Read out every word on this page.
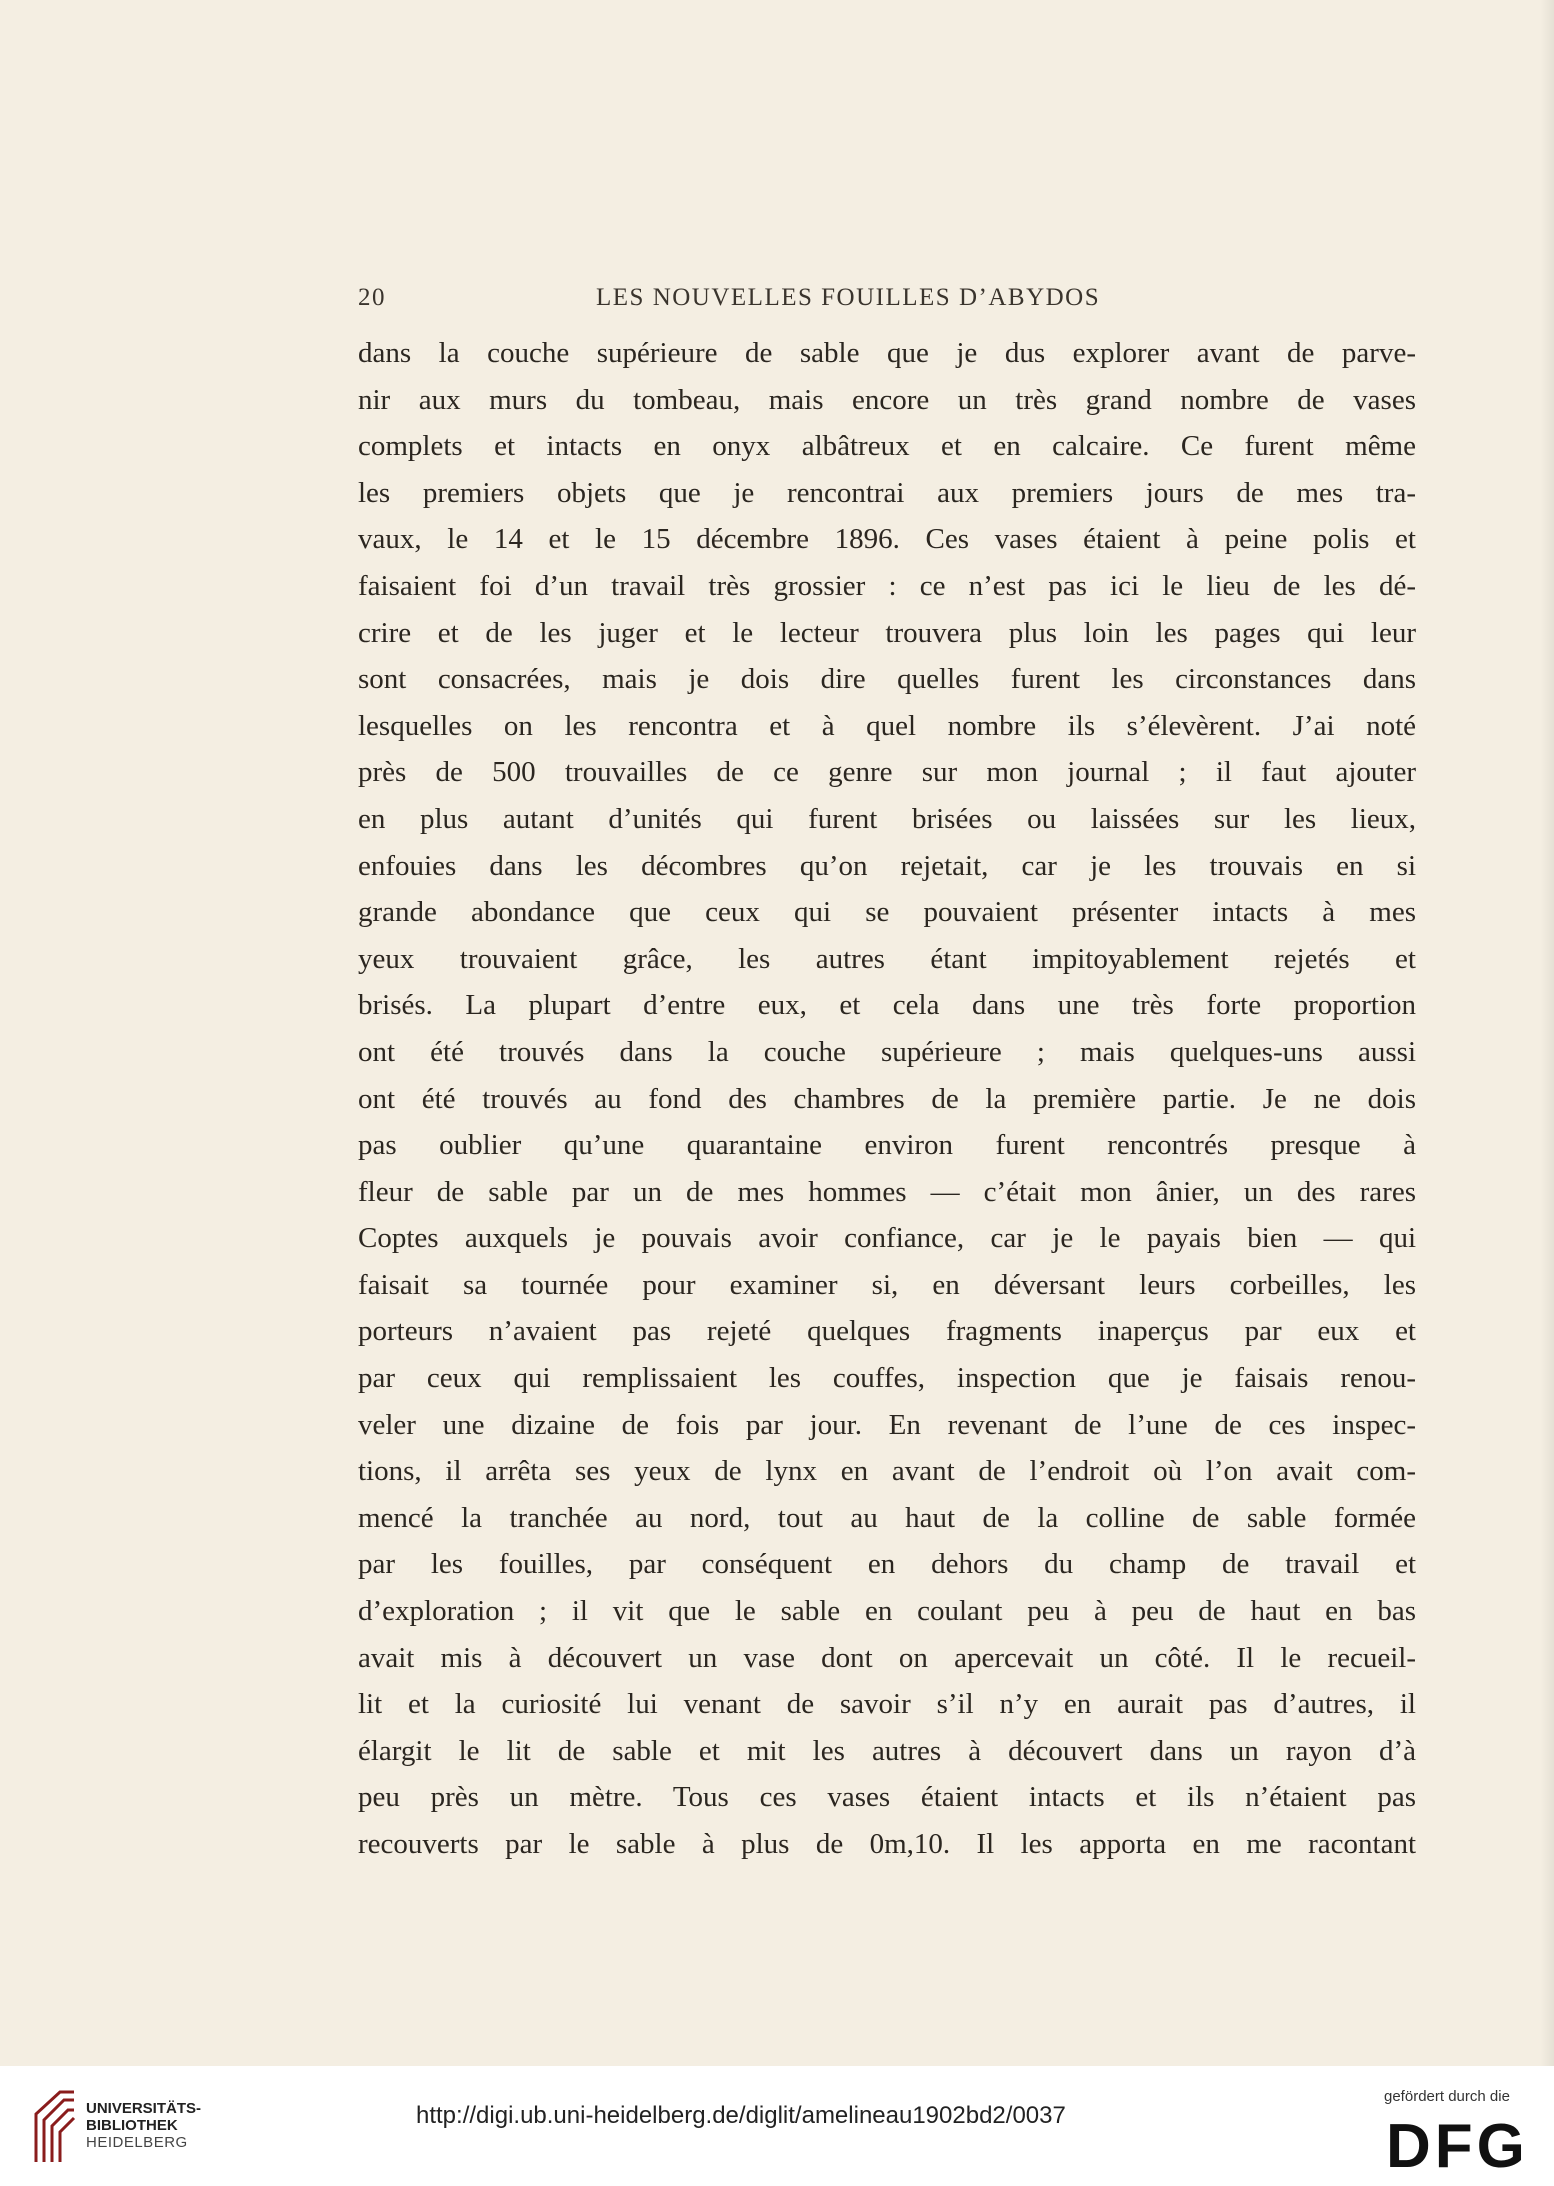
20	LES NOUVELLES FOUILLES D’ABYDOS
dans la couche supérieure de sable que je dus explorer avant de parve-
nir aux murs du tombeau, mais encore un très grand nombre de vases
complets et intacts en onyx albâtreux et en calcaire. Ce furent même
les premiers objets que je rencontrai aux premiers jours de mes tra-
vaux, le 14 et le 15 décembre 1896. Ces vases étaient à peine polis et
faisaient foi d’un travail très grossier : ce n’est pas ici le lieu de les dé-
crire et de les juger et le lecteur trouvera plus loin les pages qui leur
sont consacrées, mais je dois dire quelles furent les circonstances dans
lesquelles on les rencontra et à quel nombre ils s’élevèrent. J’ai noté
près de 500 trouvailles de ce genre sur mon journal ; il faut ajouter
en plus autant d’unités qui furent brisées ou laissées sur les lieux,
enfouies dans les décombres qu’on rejetait, car je les trouvais en si
grande abondance que ceux qui se pouvaient présenter intacts à mes
yeux trouvaient grâce, les autres étant impitoyablement rejetés et
brisés. La plupart d’entre eux, et cela dans une très forte proportion
ont été trouvés dans la couche supérieure ; mais quelques-uns aussi
ont été trouvés au fond des chambres de la première partie. Je ne dois
pas oublier qu’une quarantaine environ furent rencontrés presque à
fleur de sable par un de mes hommes — c’était mon ânier, un des rares
Coptes auxquels je pouvais avoir confiance, car je le payais bien — qui
faisait sa tournée pour examiner si, en déversant leurs corbeilles, les
porteurs n’avaient pas rejeté quelques fragments inaperçus par eux et
par ceux qui remplissaient les couffes, inspection que je faisais renou-
veler une dizaine de fois par jour. En revenant de l’une de ces inspec-
tions, il arrêta ses yeux de lynx en avant de l’endroit où l’on avait com-
mencé la tranchée au nord, tout au haut de la colline de sable formée
par les fouilles, par conséquent en dehors du champ de travail et
d’exploration ; il vit que le sable en coulant peu à peu de haut en bas
avait mis à découvert un vase dont on apercevait un côté. Il le recueil-
lit et la curiosité lui venant de savoir s’il n’y en aurait pas d’autres, il
élargit le lit de sable et mit les autres à découvert dans un rayon d’à
peu près un mètre. Tous ces vases étaient intacts et ils n’étaient pas
recouverts par le sable à plus de 0m,10. Il les apporta en me racontant
UNIVERSITÄTS-
BIBLIOTHEK
HEIDELBERG
http://digi.ub.uni-heidelberg.de/diglit/amelineau1902bd2/0037
gefördert durch die
DFG
